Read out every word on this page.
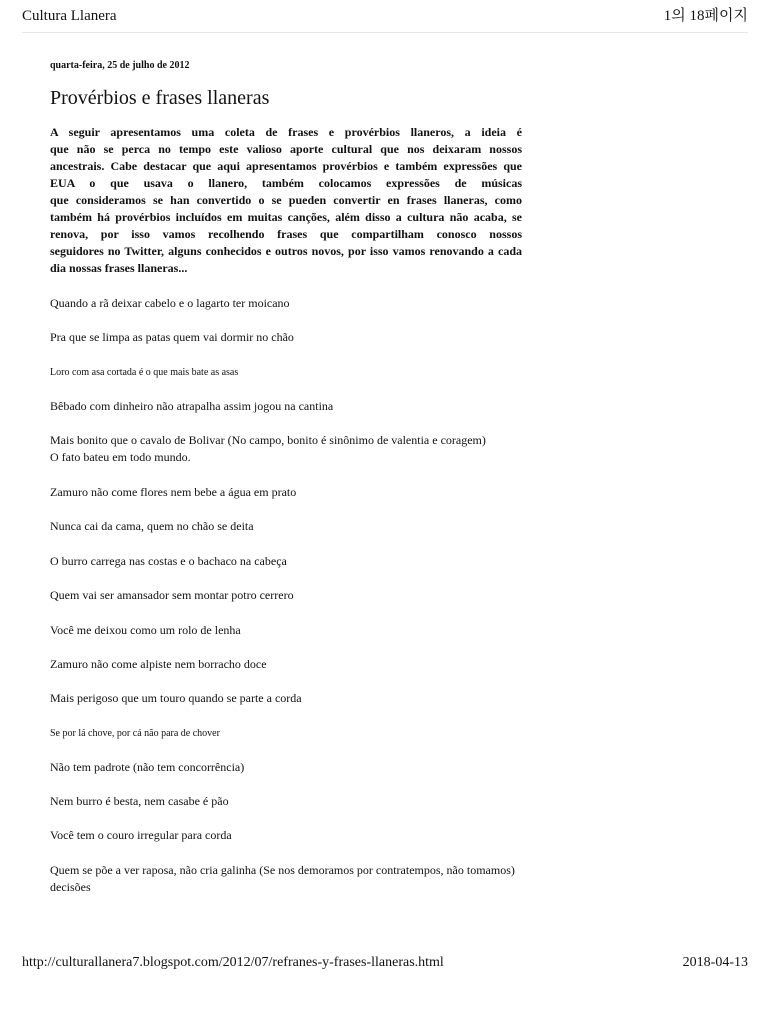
Cultura Llanera	1의 18페이지
quarta-feira, 25 de julho de 2012
Provérbios e frases llaneras
A seguir apresentamos uma coleta de frases e provérbios llaneros, a ideia é
que não se perca no tempo este valioso aporte cultural que nos deixaram nossos
ancestrais. Cabe destacar que aqui apresentamos provérbios e também expressões que
EUA o que usava o llanero, também colocamos expressões de músicas
que consideramos se han convertido o se pueden convertir en frases llaneras, como
também há provérbios incluídos em muitas canções, além disso a cultura não acaba, se
renova, por isso vamos recolhendo frases que compartilham conosco nossos
seguidores no Twitter, alguns conhecidos e outros novos, por isso vamos renovando a cada
dia nossas frases llaneras...
Quando a rã deixar cabelo e o lagarto ter moicano
Pra que se limpa as patas quem vai dormir no chão
Loro com asa cortada é o que mais bate as asas
Bêbado com dinheiro não atrapalha assim jogou na cantina
Mais bonito que o cavalo de Bolivar (No campo, bonito é sinônimo de valentia e coragem)
O fato bateu em todo mundo.
Zamuro não come flores nem bebe a água em prato
Nunca cai da cama, quem no chão se deita
O burro carrega nas costas e o bachaco na cabeça
Quem vai ser amansador sem montar potro cerrero
Você me deixou como um rolo de lenha
Zamuro não come alpiste nem borracho doce
Mais perigoso que um touro quando se parte a corda
Se por lá chove, por cá não para de chover
Não tem padrote (não tem concorrência)
Nem burro é besta, nem casabe é pão
Você tem o couro irregular para corda
Quem se põe a ver raposa, não cria galinha (Se nos demoramos por contratempos, não tomamos)
decisões
http://culturallanera7.blogspot.com/2012/07/refranes-y-frases-llaneras.html	2018-04-13
